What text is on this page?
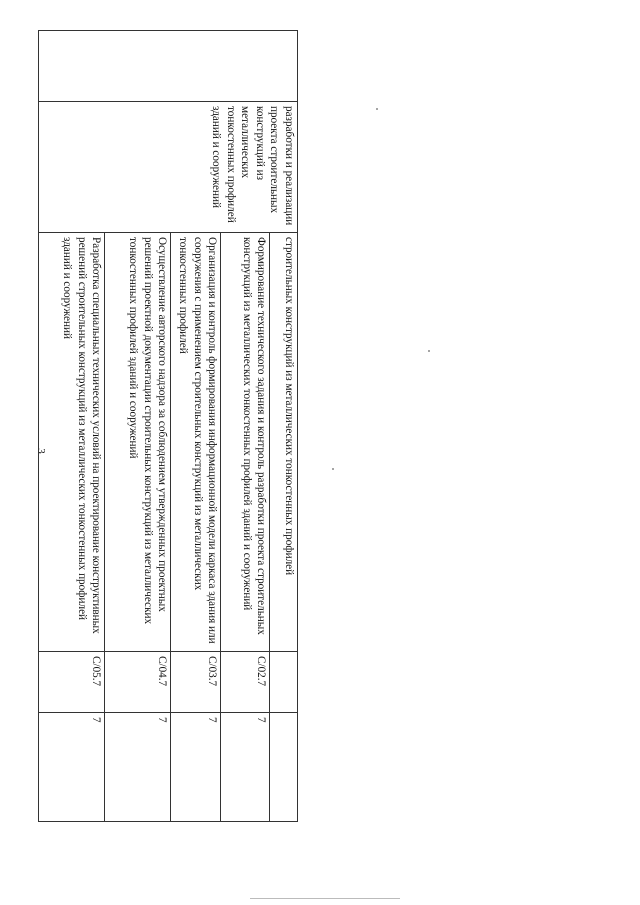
3
	разработки и реализации проекта строительных конструкций из металлических тонкостенных профилей зданий и сооружений	строительных конструкций из металлических тонкостенных профилей		
		Формирование технического задания и контроль разработки проекта строительных конструкций из металлических тонкостенных профилей зданий и сооружений	C/02.7	7
		Организация и контроль формирования информационной модели каркаса здания или сооружения с применением строительных конструкций из металлических тонкостенных профилей	C/03.7	7
		Осуществление авторского надзора за соблюдением утвержденных проектных решений проектной документации строительных конструкций из металлических тонкостенных профилей зданий и сооружений	C/04.7	7
		Разработка специальных технических условий на проектирование конструктивных решений строительных конструкций из металлических тонкостенных профилей зданий и сооружений	C/05.7	7
